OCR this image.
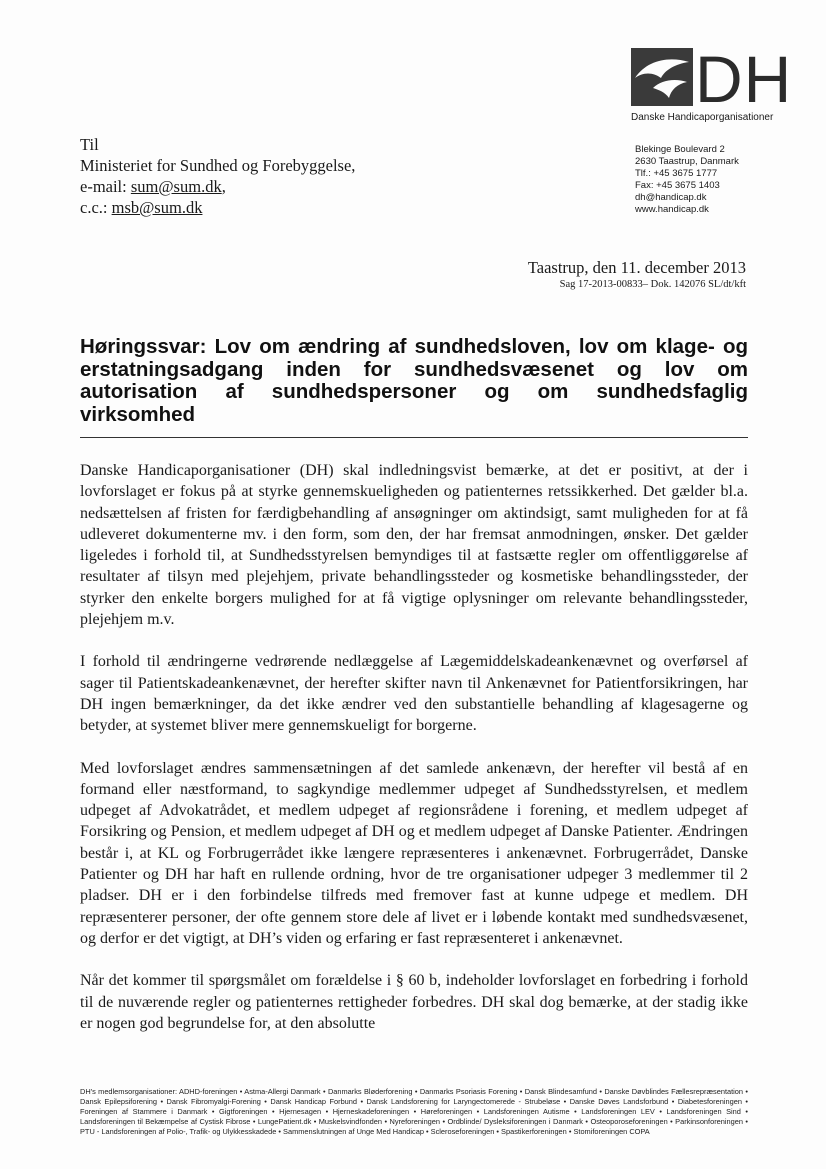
DH
Danske Handicaporganisationer
Til
Ministeriet for Sundhed og Forebyggelse,
e-mail: sum@sum.dk,
c.c.: msb@sum.dk
Blekinge Boulevard 2
2630 Taastrup, Danmark
Tlf.: +45 3675 1777
Fax: +45 3675 1403
dh@handicap.dk
www.handicap.dk
Taastrup, den 11. december 2013
Sag 17-2013-00833– Dok. 142076 SL/dt/kft
Høringssvar: Lov om ændring af sundhedsloven, lov om klage- og erstatningsadgang inden for sundhedsvæsenet og lov om autorisation af sundhedspersoner og om sundhedsfaglig virksomhed

Danske Handicaporganisationer (DH) skal indledningsvist bemærke, at det er positivt, at der i lovforslaget er fokus på at styrke gennemskueligheden og patienternes retssikkerhed. Det gælder bl.a. nedsættelsen af fristen for færdigbehandling af ansøgninger om aktindsigt, samt muligheden for at få udleveret dokumenterne mv. i den form, som den, der har fremsat anmodningen, ønsker. Det gælder ligeledes i forhold til, at Sundhedsstyrelsen bemyndiges til at fastsætte regler om offentliggørelse af resultater af tilsyn med plejehjem, private behandlingssteder og kosmetiske behandlingssteder, der styrker den enkelte borgers mulighed for at få vigtige oplysninger om relevante behandlingssteder, plejehjem m.v.

I forhold til ændringerne vedrørende nedlæggelse af Lægemiddelskadeankenævnet og overførsel af sager til Patientskadeankenævnet, der herefter skifter navn til Ankenævnet for Patientforsikringen, har DH ingen bemærkninger, da det ikke ændrer ved den substantielle behandling af klagesagerne og betyder, at systemet bliver mere gennemskueligt for borgerne.

Med lovforslaget ændres sammensætningen af det samlede ankenævn, der herefter vil bestå af en formand eller næstformand, to sagkyndige medlemmer udpeget af Sundhedsstyrelsen, et medlem udpeget af Advokatrådet, et medlem udpeget af regionsrådene i forening, et medlem udpeget af Forsikring og Pension, et medlem udpeget af DH og et medlem udpeget af Danske Patienter. Ændringen består i, at KL og Forbrugerrådet ikke længere repræsenteres i ankenævnet. Forbrugerrådet, Danske Patienter og DH har haft en rullende ordning, hvor de tre organisationer udpeger 3 medlemmer til 2 pladser. DH er i den forbindelse tilfreds med fremover fast at kunne udpege et medlem. DH repræsenterer personer, der ofte gennem store dele af livet er i løbende kontakt med sundhedsvæsenet, og derfor er det vigtigt, at DH’s viden og erfaring er fast repræsenteret i ankenævnet.

Når det kommer til spørgsmålet om forældelse i § 60 b, indeholder lovforslaget en forbedring i forhold til de nuværende regler og patienternes rettigheder forbedres. DH skal dog bemærke, at der stadig ikke er nogen god begrundelse for, at den absolutte

DH's medlemsorganisationer: ADHD-foreningen • Astma-Allergi Danmark • Danmarks Bløderforening • Danmarks Psoriasis Forening • Dansk Blindesamfund • Danske Døvblindes Fællesrepræsentation • Dansk Epilepsiforening • Dansk Fibromyalgi-Forening • Dansk Handicap Forbund • Dansk Landsforening for Laryngectomerede - Strubeløse • Danske Døves Landsforbund • Diabetesforeningen • Foreningen af Stammere i Danmark • Gigtforeningen • Hjernesagen • Hjerneskadeforeningen • Høreforeningen • Landsforeningen Autisme • Landsforeningen LEV • Landsforeningen Sind • Landsforeningen til Bekæmpelse af Cystisk Fibrose • LungePatient.dk • Muskelsvindfonden • Nyreforeningen • Ordblinde/ Dysleksiforeningen i Danmark • Osteoporoseforeningen • Parkinsonforeningen • PTU - Landsforeningen af Polio-, Trafik- og Ulykkesskadede • Sammenslutningen af Unge Med Handicap • Scleroseforeningen • Spastikerforeningen • Stomiforeningen COPA
